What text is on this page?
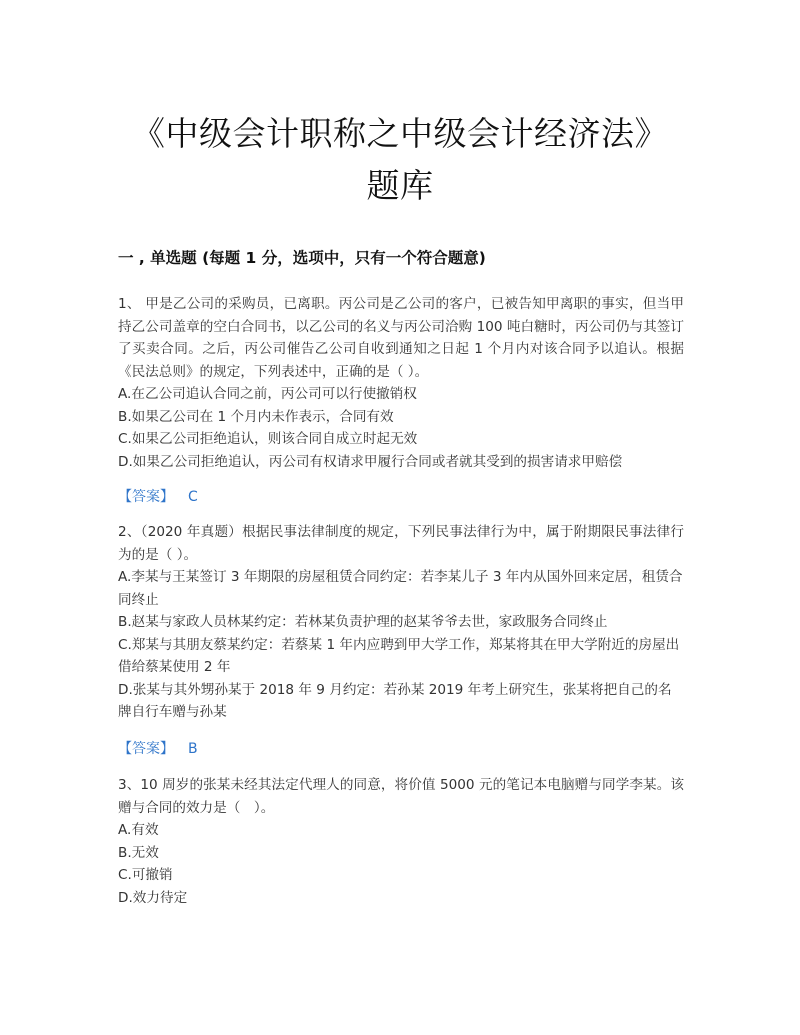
《中级会计职称之中级会计经济法》
题库
一 , 单选题 (每题 1 分，选项中，只有一个符合题意)

1、 甲是乙公司的采购员，已离职。丙公司是乙公司的客户，已被告知甲离职的事实，但当甲持乙公司盖章的空白合同书，以乙公司的名义与丙公司洽购 100 吨白糖时，丙公司仍与其签订了买卖合同。之后，丙公司催告乙公司自收到通知之日起 1 个月内对该合同予以追认。根据《民法总则》的规定，下列表述中，正确的是（ ）。

A.在乙公司追认合同之前，丙公司可以行使撤销权
B.如果乙公司在 1 个月内未作表示，合同有效
C.如果乙公司拒绝追认，则该合同自成立时起无效
D.如果乙公司拒绝追认，丙公司有权请求甲履行合同或者就其受到的损害请求甲赔偿
【答案】 C

2、（2020 年真题）根据民事法律制度的规定，下列民事法律行为中，属于附期限民事法律行为的是（ ）。

A.李某与王某签订 3 年期限的房屋租赁合同约定：若李某儿子 3 年内从国外回来定居，租赁合同终止
B.赵某与家政人员林某约定：若林某负责护理的赵某爷爷去世，家政服务合同终止
C.郑某与其朋友蔡某约定：若蔡某 1 年内应聘到甲大学工作，郑某将其在甲大学附近的房屋出借给蔡某使用 2 年
D.张某与其外甥孙某于 2018 年 9 月约定：若孙某 2019 年考上研究生，张某将把自己的名牌自行车赠与孙某
【答案】 B

3、10 周岁的张某未经其法定代理人的同意，将价值 5000 元的笔记本电脑赠与同学李某。该赠与合同的效力是（　）。

A.有效
B.无效
C.可撤销
D.效力待定
